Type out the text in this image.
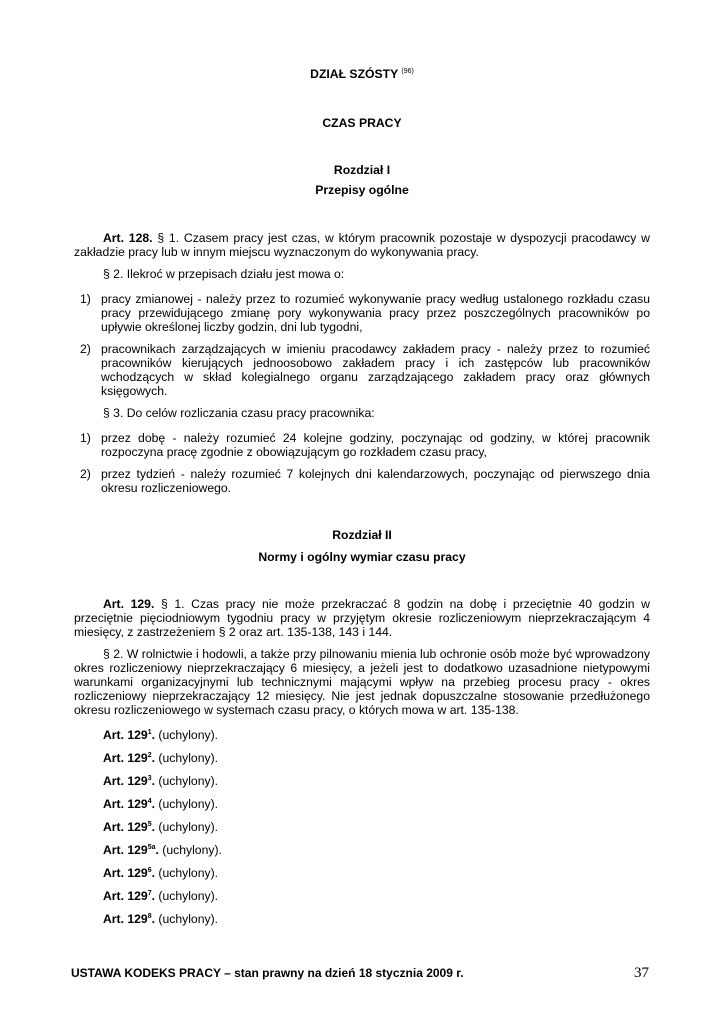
DZIAŁ SZÓSTY $^{(96)}$
CZAS PRACY
Rozdział I
Przepisy ogólne
Art. 128. § 1. Czasem pracy jest czas, w którym pracownik pozostaje w dyspozycji pracodawcy w zakładzie pracy lub w innym miejscu wyznaczonym do wykonywania pracy.
§ 2. Ilekroć w przepisach działu jest mowa o:
1) pracy zmianowej - należy przez to rozumieć wykonywanie pracy według ustalonego rozkładu czasu pracy przewidującego zmianę pory wykonywania pracy przez poszczególnych pracowników po upływie określonej liczby godzin, dni lub tygodni,
2) pracownikach zarządzających w imieniu pracodawcy zakładem pracy - należy przez to rozumieć pracowników kierujących jednoosobowo zakładem pracy i ich zastępców lub pracowników wchodzących w skład kolegialnego organu zarządzającego zakładem pracy oraz głównych księgowych.
§ 3. Do celów rozliczania czasu pracy pracownika:
1) przez dobę - należy rozumieć 24 kolejne godziny, poczynając od godziny, w której pracownik rozpoczyna pracę zgodnie z obowiązującym go rozkładem czasu pracy,
2) przez tydzień - należy rozumieć 7 kolejnych dni kalendarzowych, poczynając od pierwszego dnia okresu rozliczeniowego.
Rozdział II
Normy i ogólny wymiar czasu pracy
Art. 129. § 1. Czas pracy nie może przekraczać 8 godzin na dobę i przeciętnie 40 godzin w przeciętnie pięciodniowym tygodniu pracy w przyjętym okresie rozliczeniowym nieprzekraczającym 4 miesięcy, z zastrzeżeniem § 2 oraz art. 135-138, 143 i 144.
§ 2. W rolnictwie i hodowli, a także przy pilnowaniu mienia lub ochronie osób może być wprowadzony okres rozliczeniowy nieprzekraczający 6 miesięcy, a jeżeli jest to dodatkowo uzasadnione nietypowymi warunkami organizacyjnymi lub technicznymi mającymi wpływ na przebieg procesu pracy - okres rozliczeniowy nieprzekraczający 12 miesięcy. Nie jest jednak dopuszczalne stosowanie przedłużonego okresu rozliczeniowego w systemach czasu pracy, o których mowa w art. 135-138.
Art. $129^1$. (uchylony).
Art. $129^2$. (uchylony).
Art. $129^3$. (uchylony).
Art. $129^4$. (uchylony).
Art. $129^5$. (uchylony).
Art. $129^{5a}$. (uchylony).
Art. $129^6$. (uchylony).
Art. $129^7$. (uchylony).
Art. $129^8$. (uchylony).
USTAWA KODEKS PRACY – stan prawny na dzień 18 stycznia 2009 r.	37
